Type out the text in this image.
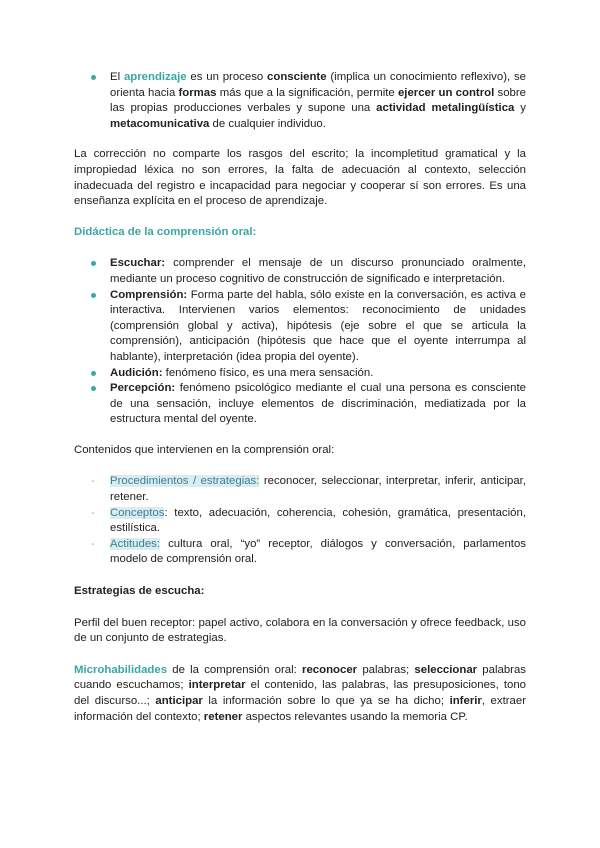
El aprendizaje es un proceso consciente (implica un conocimiento reflexivo), se orienta hacia formas más que a la significación, permite ejercer un control sobre las propias producciones verbales y supone una actividad metalingüística y metacomunicativa de cualquier individuo.

La corrección no comparte los rasgos del escrito; la incompletitud gramatical y la impropiedad léxica no son errores, la falta de adecuación al contexto, selección inadecuada del registro e incapacidad para negociar y cooperar sí son errores. Es una enseñanza explícita en el proceso de aprendizaje.

Didáctica de la comprensión oral:

Escuchar: comprender el mensaje de un discurso pronunciado oralmente, mediante un proceso cognitivo de construcción de significado e interpretación.
Comprensión: Forma parte del habla, sólo existe en la conversación, es activa e interactiva. Intervienen varios elementos: reconocimiento de unidades (comprensión global y activa), hipótesis (eje sobre el que se articula la comprensión), anticipación (hipótesis que hace que el oyente interrumpa al hablante), interpretación (idea propia del oyente).
Audición: fenómeno físico, es una mera sensación.
Percepción: fenómeno psicológico mediante el cual una persona es consciente de una sensación, incluye elementos de discriminación, mediatizada por la estructura mental del oyente.

Contenidos que intervienen en la comprensión oral:

- Procedimientos / estrategias: reconocer, seleccionar, interpretar, inferir, anticipar, retener.
- Conceptos: texto, adecuación, coherencia, cohesión, gramática, presentación, estilística.
- Actitudes: cultura oral, “yo” receptor, diálogos y conversación, parlamentos modelo de comprensión oral.

Estrategias de escucha:

Perfil del buen receptor: papel activo, colabora en la conversación y ofrece feedback, uso de un conjunto de estrategias.

Microhabilidades de la comprensión oral: reconocer palabras; seleccionar palabras cuando escuchamos; interpretar el contenido, las palabras, las presuposiciones, tono del discurso...; anticipar la información sobre lo que ya se ha dicho; inferir, extraer información del contexto; retener aspectos relevantes usando la memoria CP.
